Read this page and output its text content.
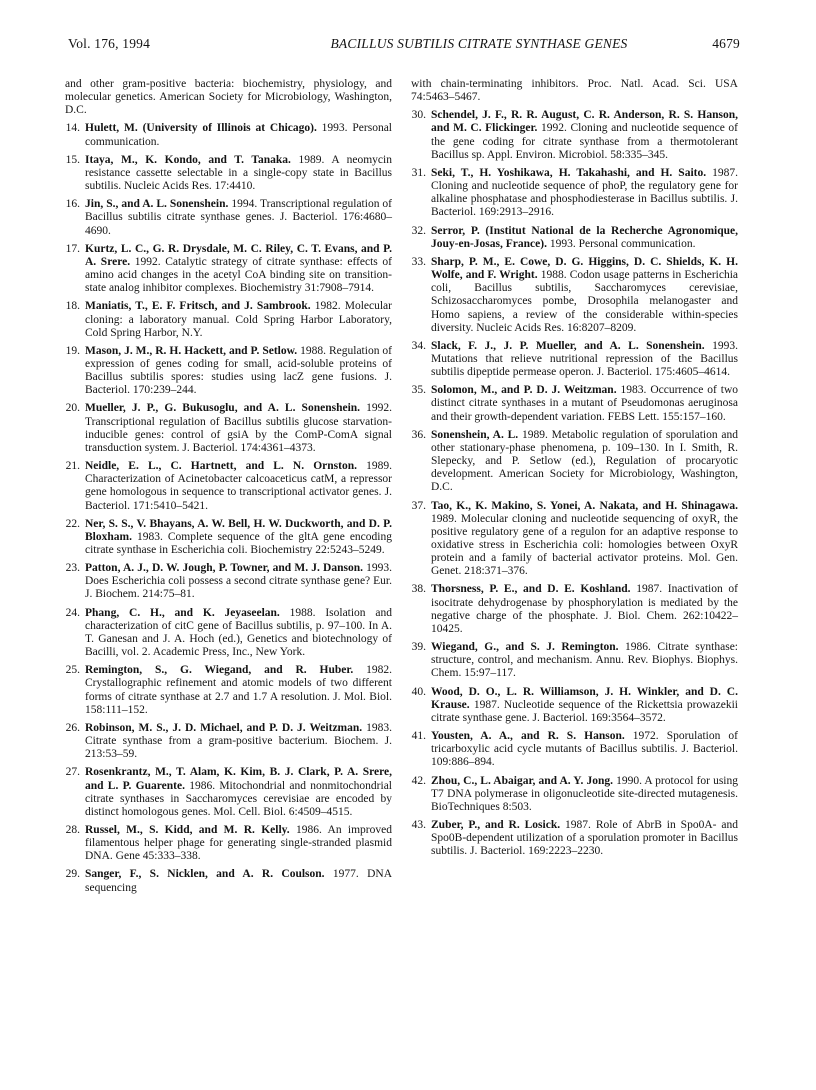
Vol. 176, 1994	BACILLUS SUBTILIS CITRATE SYNTHASE GENES	4679
and other gram-positive bacteria: biochemistry, physiology, and molecular genetics. American Society for Microbiology, Washington, D.C.
14. Hulett, M. (University of Illinois at Chicago). 1993. Personal communication.
15. Itaya, M., K. Kondo, and T. Tanaka. 1989. A neomycin resistance cassette selectable in a single-copy state in Bacillus subtilis. Nucleic Acids Res. 17:4410.
16. Jin, S., and A. L. Sonenshein. 1994. Transcriptional regulation of Bacillus subtilis citrate synthase genes. J. Bacteriol. 176:4680–4690.
17. Kurtz, L. C., G. R. Drysdale, M. C. Riley, C. T. Evans, and P. A. Srere. 1992. Catalytic strategy of citrate synthase: effects of amino acid changes in the acetyl CoA binding site on transition-state analog inhibitor complexes. Biochemistry 31:7908–7914.
18. Maniatis, T., E. F. Fritsch, and J. Sambrook. 1982. Molecular cloning: a laboratory manual. Cold Spring Harbor Laboratory, Cold Spring Harbor, N.Y.
19. Mason, J. M., R. H. Hackett, and P. Setlow. 1988. Regulation of expression of genes coding for small, acid-soluble proteins of Bacillus subtilis spores: studies using lacZ gene fusions. J. Bacteriol. 170:239–244.
20. Mueller, J. P., G. Bukusoglu, and A. L. Sonenshein. 1992. Transcriptional regulation of Bacillus subtilis glucose starvation-inducible genes: control of gsiA by the ComP-ComA signal transduction system. J. Bacteriol. 174:4361–4373.
21. Neidle, E. L., C. Hartnett, and L. N. Ornston. 1989. Characterization of Acinetobacter calcoaceticus catM, a repressor gene homologous in sequence to transcriptional activator genes. J. Bacteriol. 171:5410–5421.
22. Ner, S. S., V. Bhayans, A. W. Bell, H. W. Duckworth, and D. P. Bloxham. 1983. Complete sequence of the gltA gene encoding citrate synthase in Escherichia coli. Biochemistry 22:5243–5249.
23. Patton, A. J., D. W. Jough, P. Towner, and M. J. Danson. 1993. Does Escherichia coli possess a second citrate synthase gene? Eur. J. Biochem. 214:75–81.
24. Phang, C. H., and K. Jeyaseelan. 1988. Isolation and characterization of citC gene of Bacillus subtilis, p. 97–100. In A. T. Ganesan and J. A. Hoch (ed.), Genetics and biotechnology of Bacilli, vol. 2. Academic Press, Inc., New York.
25. Remington, S., G. Wiegand, and R. Huber. 1982. Crystallographic refinement and atomic models of two different forms of citrate synthase at 2.7 and 1.7 A resolution. J. Mol. Biol. 158:111–152.
26. Robinson, M. S., J. D. Michael, and P. D. J. Weitzman. 1983. Citrate synthase from a gram-positive bacterium. Biochem. J. 213:53–59.
27. Rosenkrantz, M., T. Alam, K. Kim, B. J. Clark, P. A. Srere, and L. P. Guarente. 1986. Mitochondrial and nonmitochondrial citrate synthases in Saccharomyces cerevisiae are encoded by distinct homologous genes. Mol. Cell. Biol. 6:4509–4515.
28. Russel, M., S. Kidd, and M. R. Kelly. 1986. An improved filamentous helper phage for generating single-stranded plasmid DNA. Gene 45:333–338.
29. Sanger, F., S. Nicklen, and A. R. Coulson. 1977. DNA sequencing
with chain-terminating inhibitors. Proc. Natl. Acad. Sci. USA 74:5463–5467.
30. Schendel, J. F., R. R. August, C. R. Anderson, R. S. Hanson, and M. C. Flickinger. 1992. Cloning and nucleotide sequence of the gene coding for citrate synthase from a thermotolerant Bacillus sp. Appl. Environ. Microbiol. 58:335–345.
31. Seki, T., H. Yoshikawa, H. Takahashi, and H. Saito. 1987. Cloning and nucleotide sequence of phoP, the regulatory gene for alkaline phosphatase and phosphodiesterase in Bacillus subtilis. J. Bacteriol. 169:2913–2916.
32. Serror, P. (Institut National de la Recherche Agronomique, Jouy-en-Josas, France). 1993. Personal communication.
33. Sharp, P. M., E. Cowe, D. G. Higgins, D. C. Shields, K. H. Wolfe, and F. Wright. 1988. Codon usage patterns in Escherichia coli, Bacillus subtilis, Saccharomyces cerevisiae, Schizosaccharomyces pombe, Drosophila melanogaster and Homo sapiens, a review of the considerable within-species diversity. Nucleic Acids Res. 16:8207–8209.
34. Slack, F. J., J. P. Mueller, and A. L. Sonenshein. 1993. Mutations that relieve nutritional repression of the Bacillus subtilis dipeptide permease operon. J. Bacteriol. 175:4605–4614.
35. Solomon, M., and P. D. J. Weitzman. 1983. Occurrence of two distinct citrate synthases in a mutant of Pseudomonas aeruginosa and their growth-dependent variation. FEBS Lett. 155:157–160.
36. Sonenshein, A. L. 1989. Metabolic regulation of sporulation and other stationary-phase phenomena, p. 109–130. In I. Smith, R. Slepecky, and P. Setlow (ed.), Regulation of procaryotic development. American Society for Microbiology, Washington, D.C.
37. Tao, K., K. Makino, S. Yonei, A. Nakata, and H. Shinagawa. 1989. Molecular cloning and nucleotide sequencing of oxyR, the positive regulatory gene of a regulon for an adaptive response to oxidative stress in Escherichia coli: homologies between OxyR protein and a family of bacterial activator proteins. Mol. Gen. Genet. 218:371–376.
38. Thorsness, P. E., and D. E. Koshland. 1987. Inactivation of isocitrate dehydrogenase by phosphorylation is mediated by the negative charge of the phosphate. J. Biol. Chem. 262:10422–10425.
39. Wiegand, G., and S. J. Remington. 1986. Citrate synthase: structure, control, and mechanism. Annu. Rev. Biophys. Biophys. Chem. 15:97–117.
40. Wood, D. O., L. R. Williamson, J. H. Winkler, and D. C. Krause. 1987. Nucleotide sequence of the Rickettsia prowazekii citrate synthase gene. J. Bacteriol. 169:3564–3572.
41. Yousten, A. A., and R. S. Hanson. 1972. Sporulation of tricarboxylic acid cycle mutants of Bacillus subtilis. J. Bacteriol. 109:886–894.
42. Zhou, C., L. Abaigar, and A. Y. Jong. 1990. A protocol for using T7 DNA polymerase in oligonucleotide site-directed mutagenesis. BioTechniques 8:503.
43. Zuber, P., and R. Losick. 1987. Role of AbrB in Spo0A- and Spo0B-dependent utilization of a sporulation promoter in Bacillus subtilis. J. Bacteriol. 169:2223–2230.
